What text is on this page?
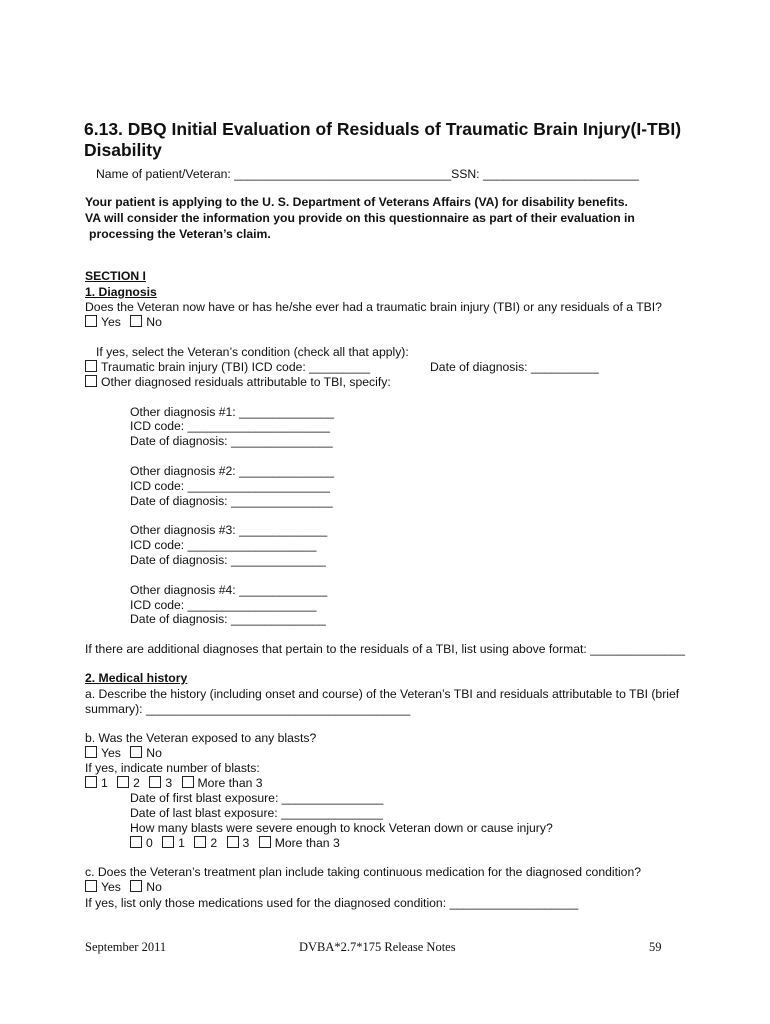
6.13. DBQ Initial Evaluation of Residuals of Traumatic Brain Injury(I-TBI)
Disability
Name of patient/Veteran: ________________________________SSN: _______________________
Your patient is applying to the U. S. Department of Veterans Affairs (VA) for disability benefits.
VA will consider the information you provide on this questionnaire as part of their evaluation in
processing the Veteran’s claim.
SECTION I
1. Diagnosis
Does the Veteran now have or has he/she ever had a traumatic brain injury (TBI) or any residuals of a TBI?
Yes No
If yes, select the Veteran’s condition (check all that apply):
Traumatic brain injury (TBI) ICD code: _________	Date of diagnosis: __________
Other diagnosed residuals attributable to TBI, specify:
Other diagnosis #1: ______________
ICD code: _____________________
Date of diagnosis: _______________
Other diagnosis #2: ______________
ICD code: _____________________
Date of diagnosis: _______________
Other diagnosis #3: _____________
ICD code: ___________________
Date of diagnosis: ______________
Other diagnosis #4: _____________
ICD code: ___________________
Date of diagnosis: ______________
If there are additional diagnoses that pertain to the residuals of a TBI, list using above format: ______________
2. Medical history
a. Describe the history (including onset and course) of the Veteran’s TBI and residuals attributable to TBI (brief
summary): _______________________________________
b. Was the Veteran exposed to any blasts?
Yes No
If yes, indicate number of blasts:
1 2 3 More than 3
Date of first blast exposure: _______________
Date of last blast exposure: _______________
How many blasts were severe enough to knock Veteran down or cause injury?
0 1 2 3 More than 3
c. Does the Veteran’s treatment plan include taking continuous medication for the diagnosed condition?
Yes No
If yes, list only those medications used for the diagnosed condition: ___________________
September 2011	DVBA*2.7*175 Release Notes	59
